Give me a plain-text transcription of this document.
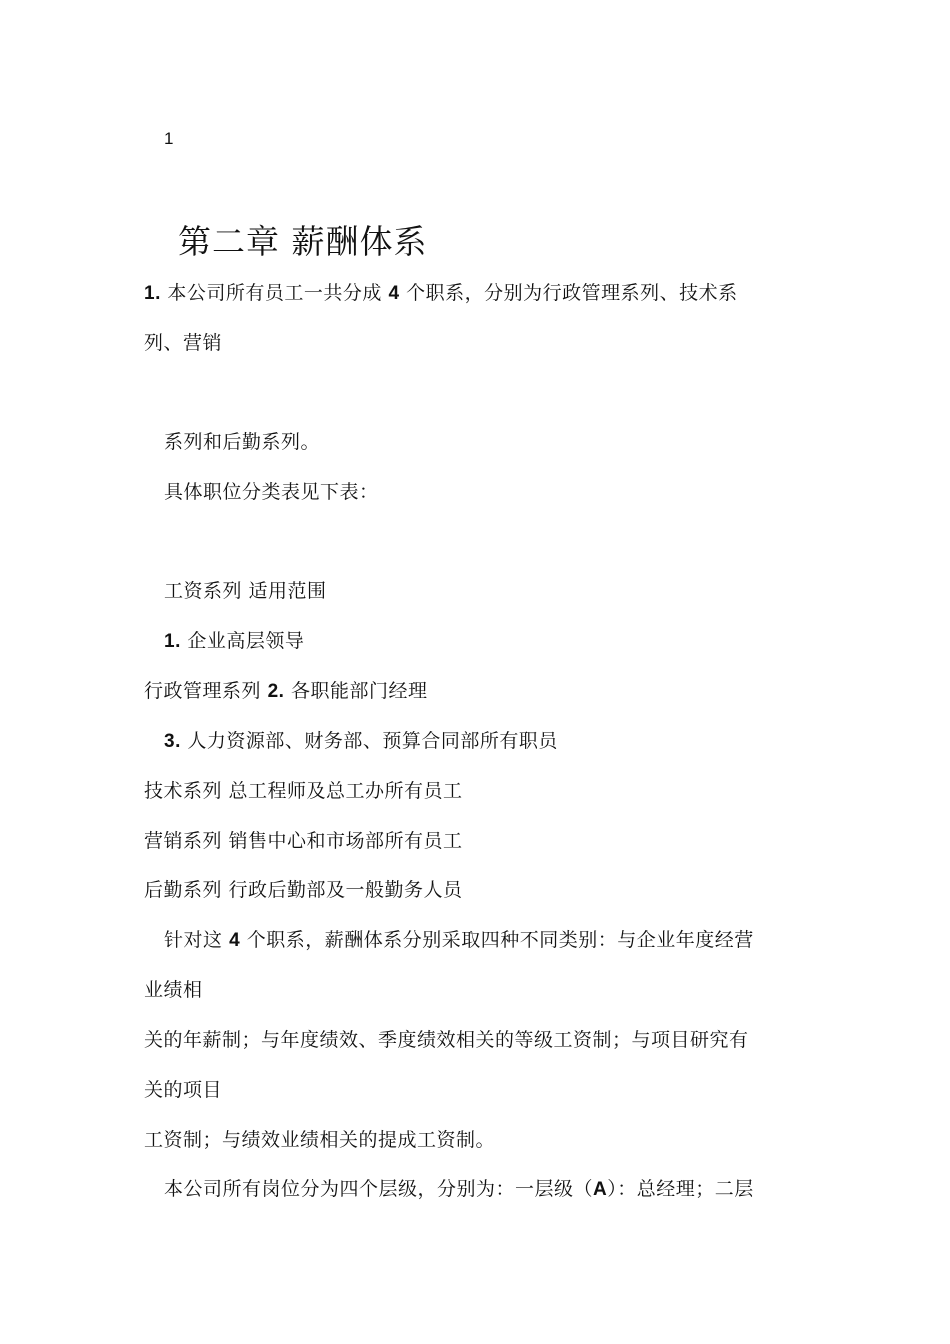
1
第二章 薪酬体系
1. 本公司所有员工一共分成 4 个职系，分别为行政管理系列、技术系
列、营销
系列和后勤系列。
具体职位分类表见下表：
工资系列 适用范围
1. 企业高层领导
行政管理系列 2. 各职能部门经理
3. 人力资源部、财务部、预算合同部所有职员
技术系列 总工程师及总工办所有员工
营销系列 销售中心和市场部所有员工
后勤系列 行政后勤部及一般勤务人员
针对这 4 个职系，薪酬体系分别采取四种不同类别：与企业年度经营
业绩相
关的年薪制；与年度绩效、季度绩效相关的等级工资制；与项目研究有
关的项目
工资制；与绩效业绩相关的提成工资制。
本公司所有岗位分为四个层级，分别为：一层级（A）：总经理；二层
